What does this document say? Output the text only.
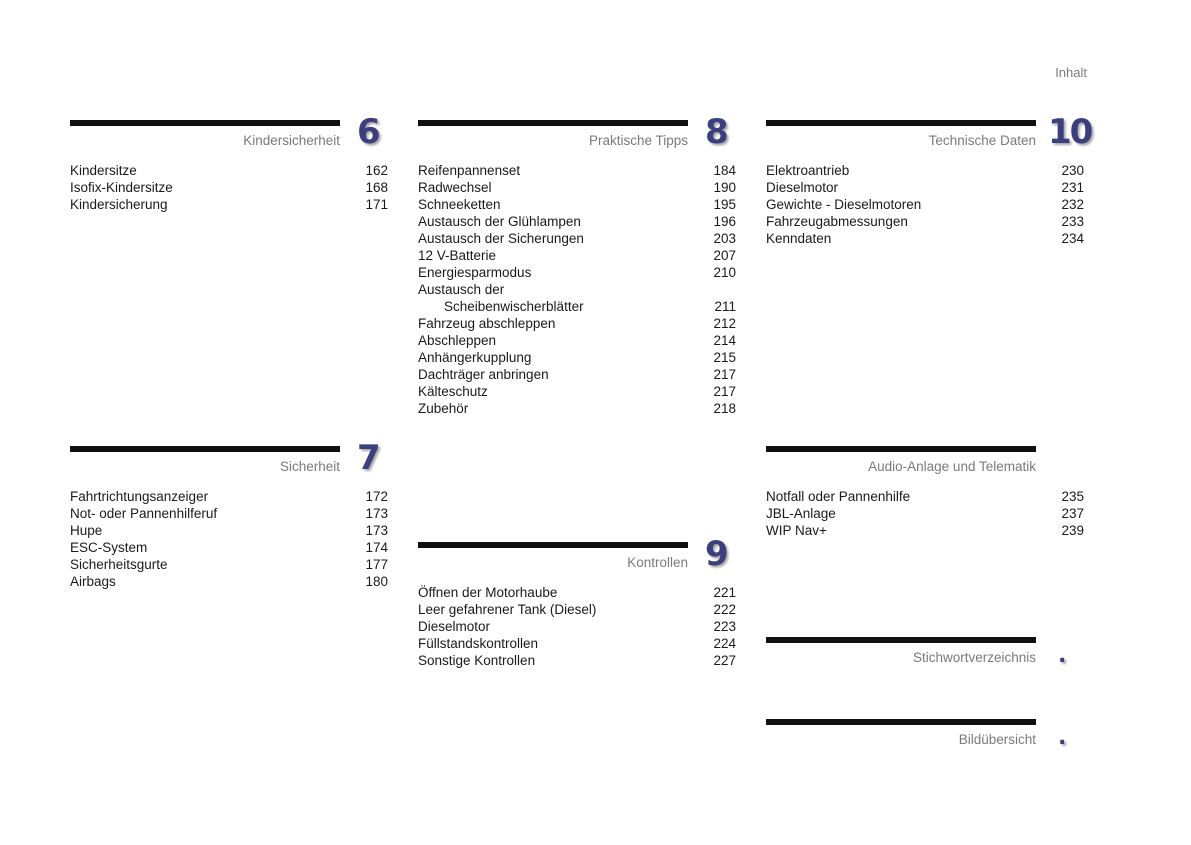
Inhalt
Kindersicherheit 6
Kindersitze	162
Isofix-Kindersitze	168
Kindersicherung	171
Sicherheit 7
Fahrtrichtungsanzeiger	172
Not- oder Pannenhilferuf	173
Hupe	173
ESC-System	174
Sicherheitsgurte	177
Airbags	180
Praktische Tipps 8
Reifenpannenset	184
Radwechsel	190
Schneeketten	195
Austausch der Glühlampen	196
Austausch der Sicherungen	203
12 V-Batterie	207
Energiesparmodus	210
Austausch der
Scheibenwischerblätter	211
Fahrzeug abschleppen	212
Abschleppen	214
Anhängerkupplung	215
Dachträger anbringen	217
Kälteschutz	217
Zubehör	218
Kontrollen 9
Öffnen der Motorhaube	221
Leer gefahrener Tank (Diesel)	222
Dieselmotor	223
Füllstandskontrollen	224
Sonstige Kontrollen	227
Technische Daten 10
Elektroantrieb	230
Dieselmotor	231
Gewichte - Dieselmotoren	232
Fahrzeugabmessungen	233
Kenndaten	234
Audio-Anlage und Telematik
Notfall oder Pannenhilfe	235
JBL-Anlage	237
WIP Nav+	239
Stichwortverzeichnis .
Bildübersicht .
